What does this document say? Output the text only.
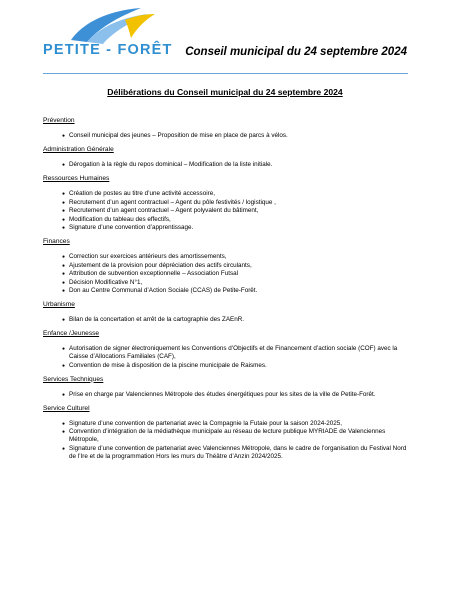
PETITE - FORÊT Conseil municipal du 24 septembre 2024
Délibérations du Conseil municipal du 24 septembre 2024
Prévention
● Conseil municipal des jeunes – Proposition de mise en place de parcs à vélos.
Administration Générale
● Dérogation à la règle du repos dominical – Modification de la liste initiale.
Ressources Humaines
● Création de postes au titre d’une activité accessoire,
● Recrutement d’un agent contractuel – Agent du pôle festivités / logistique ,
● Recrutement d’un agent contractuel – Agent polyvalent du bâtiment,
● Modification du tableau des effectifs,
● Signature d’une convention d’apprentissage.
Finances
● Correction sur exercices antérieurs des amortissements,
● Ajustement de la provision pour dépréciation des actifs circulants,
● Attribution de subvention exceptionnelle – Association Futsal
● Décision Modificative N°1,
● Don au Centre Communal d’Action Sociale (CCAS) de Petite-Forêt.
Urbanisme
● Bilan de la concertation et arrêt de la cartographie des ZAEnR.
Enfance /Jeunesse
● Autorisation de signer électroniquement les Conventions d’Objectifs et de Financement d’action sociale (COF) avec la Caisse d’Allocations Familiales (CAF),
● Convention de mise à disposition de la piscine municipale de Raismes.
Services Techniques
● Prise en charge par Valenciennes Métropole des études énergétiques pour les sites de la ville de Petite-Forêt.
Service Culturel
● Signature d’une convention de partenariat avec la Compagnie la Futaie pour la saison 2024-2025,
● Convention d’intégration de la médiathèque municipale au réseau de lecture publique MYRIADE de Valenciennes Métropole,
● Signature d’une convention de partenariat avec Valenciennes Métropole, dans le cadre de l’organisation du Festival Nord de l’Ire et de la programmation Hors les murs du Théâtre d’Anzin 2024/2025.
